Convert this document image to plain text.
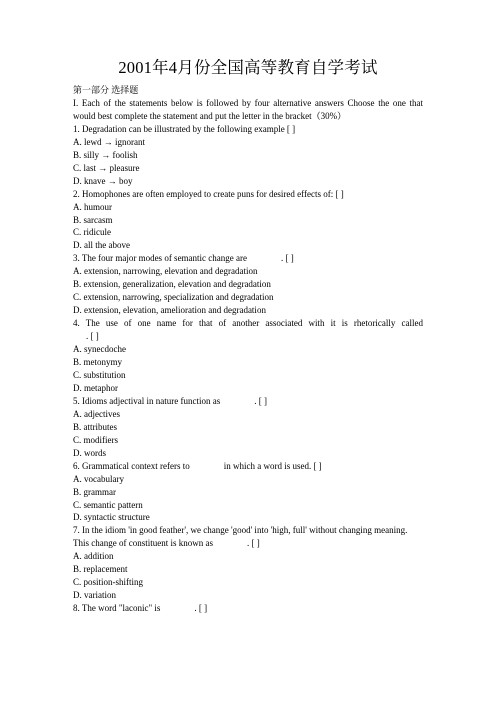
2001年4月份全国高等教育自学考试
第一部分 选择题
I. Each of the statements below is followed by four alternative answers Choose the one that would best complete the statement and put the letter in the bracket（30%）
1. Degradation can be illustrated by the following example [ ]
A. lewd → ignorant
B. silly → foolish
C. last → pleasure
D. knave → boy
2. Homophones are often employed to create puns for desired effects of: [ ]
A. humour
B. sarcasm
C. ridicule
D. all the above
3. The four major modes of semantic change are	. [ ]
A. extension, narrowing, elevation and degradation
B. extension, generalization, elevation and degradation
C. extension, narrowing, specialization and degradation
D. extension, elevation, amelioration and degradation
4. The use of one name for that of another associated with it is rhetorically called
. [ ]
A. synecdoche
B. metonymy
C. substitution
D. metaphor
5. Idioms adjectival in nature function as	. [ ]
A. adjectives
B. attributes
C. modifiers
D. words
6. Grammatical context refers to	in which a word is used. [ ]
A. vocabulary
B. grammar
C. semantic pattern
D. syntactic structure
7. In the idiom 'in good feather', we change 'good' into 'high, full' without changing meaning.
This change of constituent is known as	. [ ]
A. addition
B. replacement
C. position-shifting
D. variation
8. The word "laconic" is	. [ ]
